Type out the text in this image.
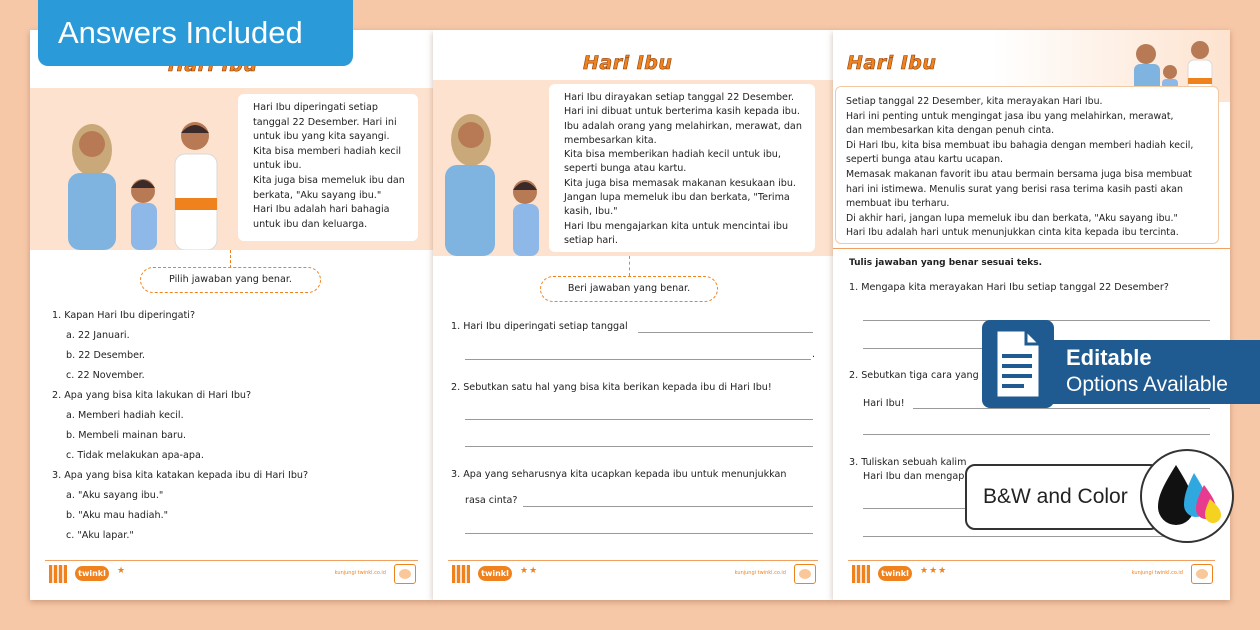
Hari Ibu diperingati setiap

tanggal 22 Desember. Hari ini

untuk ibu yang kita sayangi.

Kita bisa memberi hadiah kecil

untuk ibu.

Kita juga bisa memeluk ibu dan

berkata, "Aku sayang ibu."

Hari Ibu adalah hari bahagia

untuk ibu dan keluarga.

Pilih jawaban yang benar.
1. Kapan Hari Ibu diperingati?
a. 22 Januari.
b. 22 Desember.
c. 22 November.
2. Apa yang bisa kita lakukan di Hari Ibu?
a. Memberi hadiah kecil.
b. Membeli mainan baru.
c. Tidak melakukan apa-apa.
3. Apa yang bisa kita katakan kepada ibu di Hari Ibu?
a. "Aku sayang ibu."
b. "Aku mau hadiah."
c. "Aku lapar."
twinkl	★	kunjungi twinkl.co.id
Hari Ibu

Hari Ibu dirayakan setiap tanggal 22 Desember.

Hari ini dibuat untuk berterima kasih kepada ibu.

Ibu adalah orang yang melahirkan, merawat, dan

membesarkan kita.

Kita bisa memberikan hadiah kecil untuk ibu,

seperti bunga atau kartu.

Kita juga bisa memasak makanan kesukaan ibu.

Jangan lupa memeluk ibu dan berkata, "Terima

kasih, Ibu."

Hari Ibu mengajarkan kita untuk mencintai ibu

setiap hari.

Beri jawaban yang benar.
1. Hari Ibu diperingati setiap tanggal
.
2. Sebutkan satu hal yang bisa kita berikan kepada ibu di Hari Ibu!
3. Apa yang seharusnya kita ucapkan kepada ibu untuk menunjukkan
rasa cinta?
twinkl	★★	kunjungi twinkl.co.id
Hari Ibu

Setiap tanggal 22 Desember, kita merayakan Hari Ibu.

Hari ini penting untuk mengingat jasa ibu yang melahirkan, merawat,

dan membesarkan kita dengan penuh cinta.

Di Hari Ibu, kita bisa membuat ibu bahagia dengan memberi hadiah kecil,

seperti bunga atau kartu ucapan.

Memasak makanan favorit ibu atau bermain bersama juga bisa membuat

hari ini istimewa. Menulis surat yang berisi rasa terima kasih pasti akan

membuat ibu terharu.

Di akhir hari, jangan lupa memeluk ibu dan berkata, "Aku sayang ibu."

Hari Ibu adalah hari untuk menunjukkan cinta kita kepada ibu tercinta.

Tulis jawaban yang benar sesuai teks.
1. Mengapa kita merayakan Hari Ibu setiap tanggal 22 Desember?
2. Sebutkan tiga cara yang
Hari Ibu!
3. Tuliskan sebuah kalim
Hari Ibu dan mengap
twinkl	★★★	kunjungi twinkl.co.id
Answers Included
Editable
Options Available
B&W and Color
